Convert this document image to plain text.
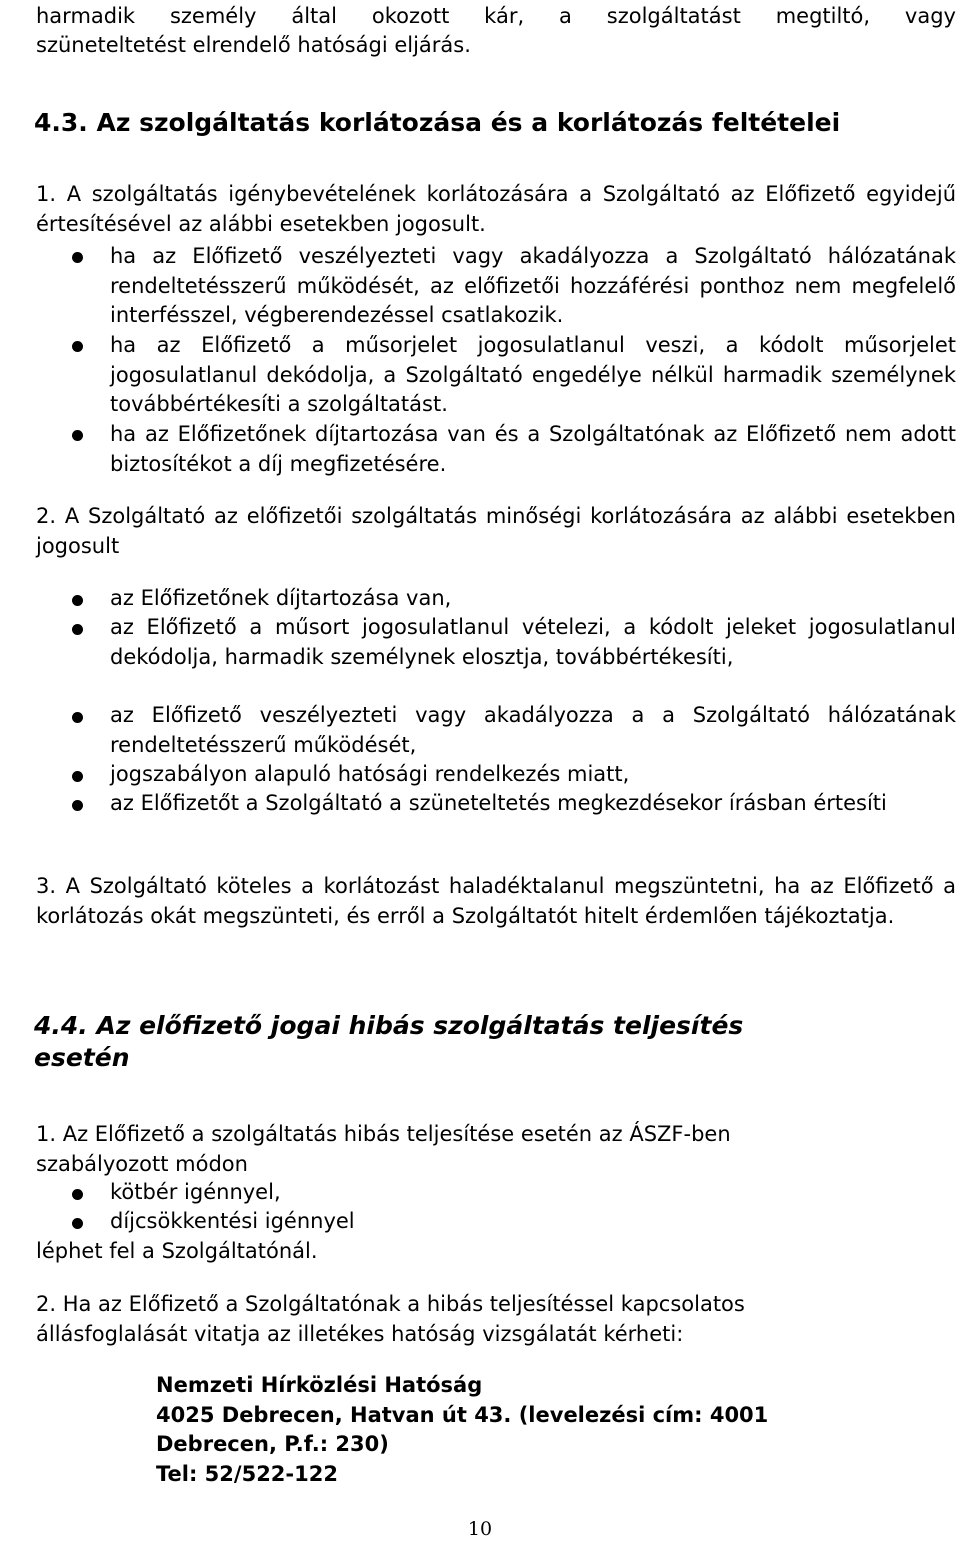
harmadik személy által okozott kár, a szolgáltatást megtiltó, vagy

szüneteltetést elrendelő hatósági eljárás.

4.3. Az szolgáltatás korlátozása és a korlátozás feltételei

1. A szolgáltatás igénybevételének korlátozására a Szolgáltató az Előfizető egyidejű értesítésével az alábbi esetekben jogosult.

ha az Előfizető veszélyezteti vagy akadályozza a Szolgáltató hálózatának rendeltetésszerű működését, az előfizetői hozzáférési ponthoz nem megfelelő interfésszel, végberendezéssel csatlakozik.

ha az Előfizető a műsorjelet jogosulatlanul veszi, a kódolt műsorjelet jogosulatlanul dekódolja, a Szolgáltató engedélye nélkül harmadik személynek továbbértékesíti a szolgáltatást.

ha az Előfizetőnek díjtartozása van és a Szolgáltatónak az Előfizető nem adott biztosítékot a díj megfizetésére.

2. A Szolgáltató az előfizetői szolgáltatás minőségi korlátozására az alábbi esetekben jogosult

az Előfizetőnek díjtartozása van,

az Előfizető a műsort jogosulatlanul vételezi, a kódolt jeleket jogosulatlanul dekódolja, harmadik személynek elosztja, továbbértékesíti,

az Előfizető veszélyezteti vagy akadályozza a a Szolgáltató hálózatának rendeltetésszerű működését,

jogszabályon alapuló hatósági rendelkezés miatt,

az Előfizetőt a Szolgáltató a szüneteltetés megkezdésekor írásban értesíti

3. A Szolgáltató köteles a korlátozást haladéktalanul megszüntetni, ha az Előfizető a korlátozás okát megszünteti, és erről a Szolgáltatót hitelt érdemlően tájékoztatja.

4.4. Az előfizető jogai hibás szolgáltatás teljesítés
esetén

1. Az Előfizető a szolgáltatás hibás teljesítése esetén az ÁSZF-ben szabályozott módon

kötbér igénnyel,

díjcsökkentési igénnyel

léphet fel a Szolgáltatónál.

2. Ha az Előfizető a Szolgáltatónak a hibás teljesítéssel kapcsolatos állásfoglalását vitatja az illetékes hatóság vizsgálatát kérheti:

Nemzeti Hírközlési Hatóság
4025 Debrecen, Hatvan út 43. (levelezési cím: 4001
Debrecen, P.f.: 230)
Tel: 52/522-122
10
